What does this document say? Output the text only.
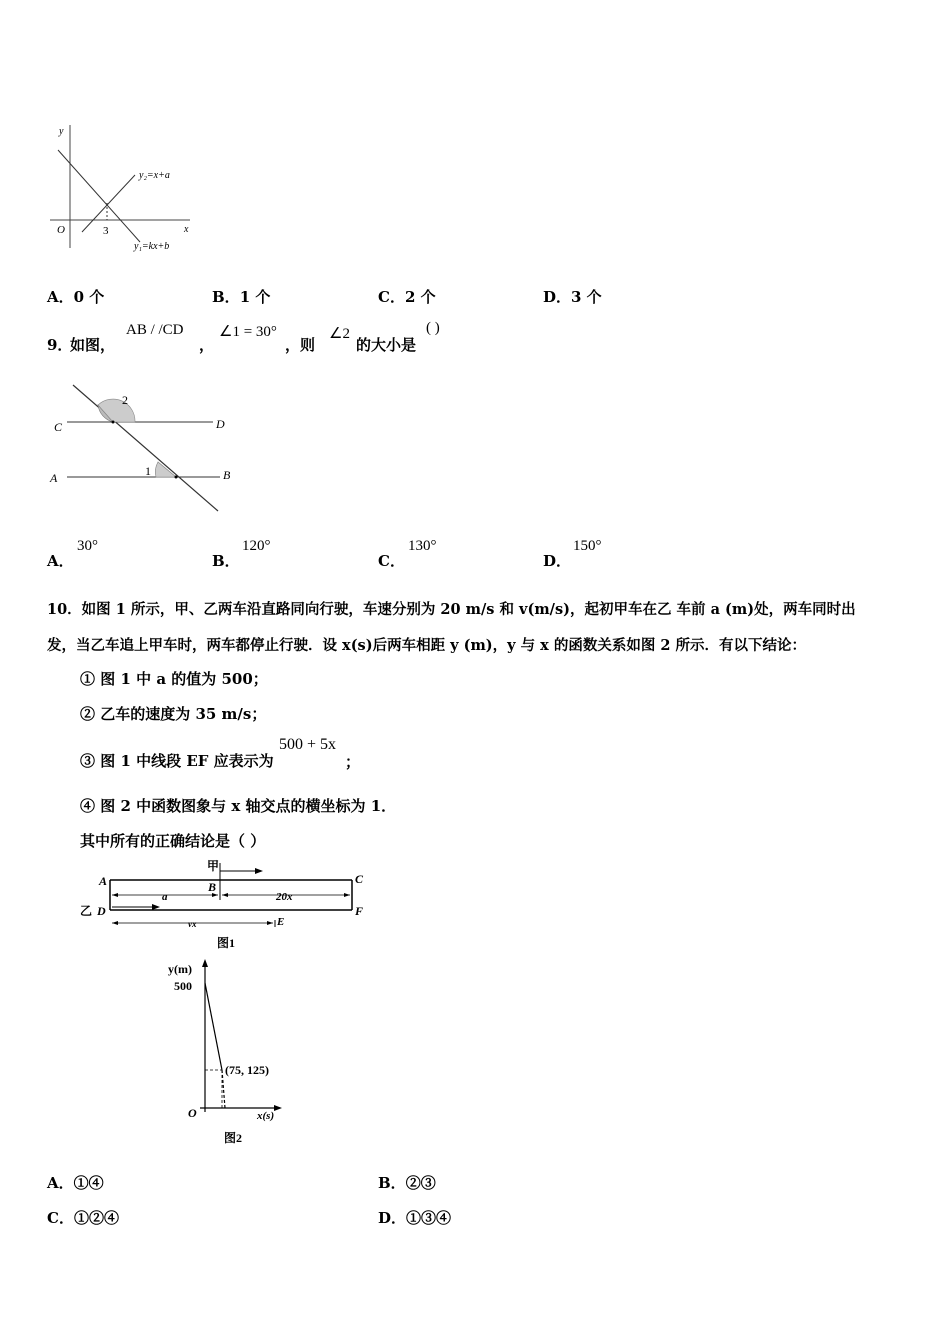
y
x
O	3
y₂=x+a
y₁=kx+b
A．0 个	B．1 个	C．2 个	D．3 个
9．
如图，
AB / /CD
，
∠1 = 30°
，则
∠2
的大小是
( )
C	D
A	B
2
1
A．
30°
B．
120°
C．
130°
D．
150°
10．如图 1 所示，甲、乙两车沿直路同向行驶，车速分别为 20 m/s 和 v(m/s)，起初甲车在乙 车前 a (m)处，两车同时出
发，当乙车追上甲车时，两车都停止行驶．设 x(s)后两车相距 y (m)，y 与 x 的函数关系如图 2 所示．有以下结论：
① 图 1 中 a 的值为 500；
② 乙车的速度为 35 m/s；
③ 图 1 中线段 EF 应表示为
500 + 5x
；
④ 图 2 中函数图象与 x 轴交点的横坐标为 1．
其中所有的正确结论是（ ）
甲
A	B
C
乙 D
E
F
a	20x
vx
图1
y(m)
500
(75, 125)
O	x(s)
图2
A．①④	B．②③
C．①②④	D．①③④
